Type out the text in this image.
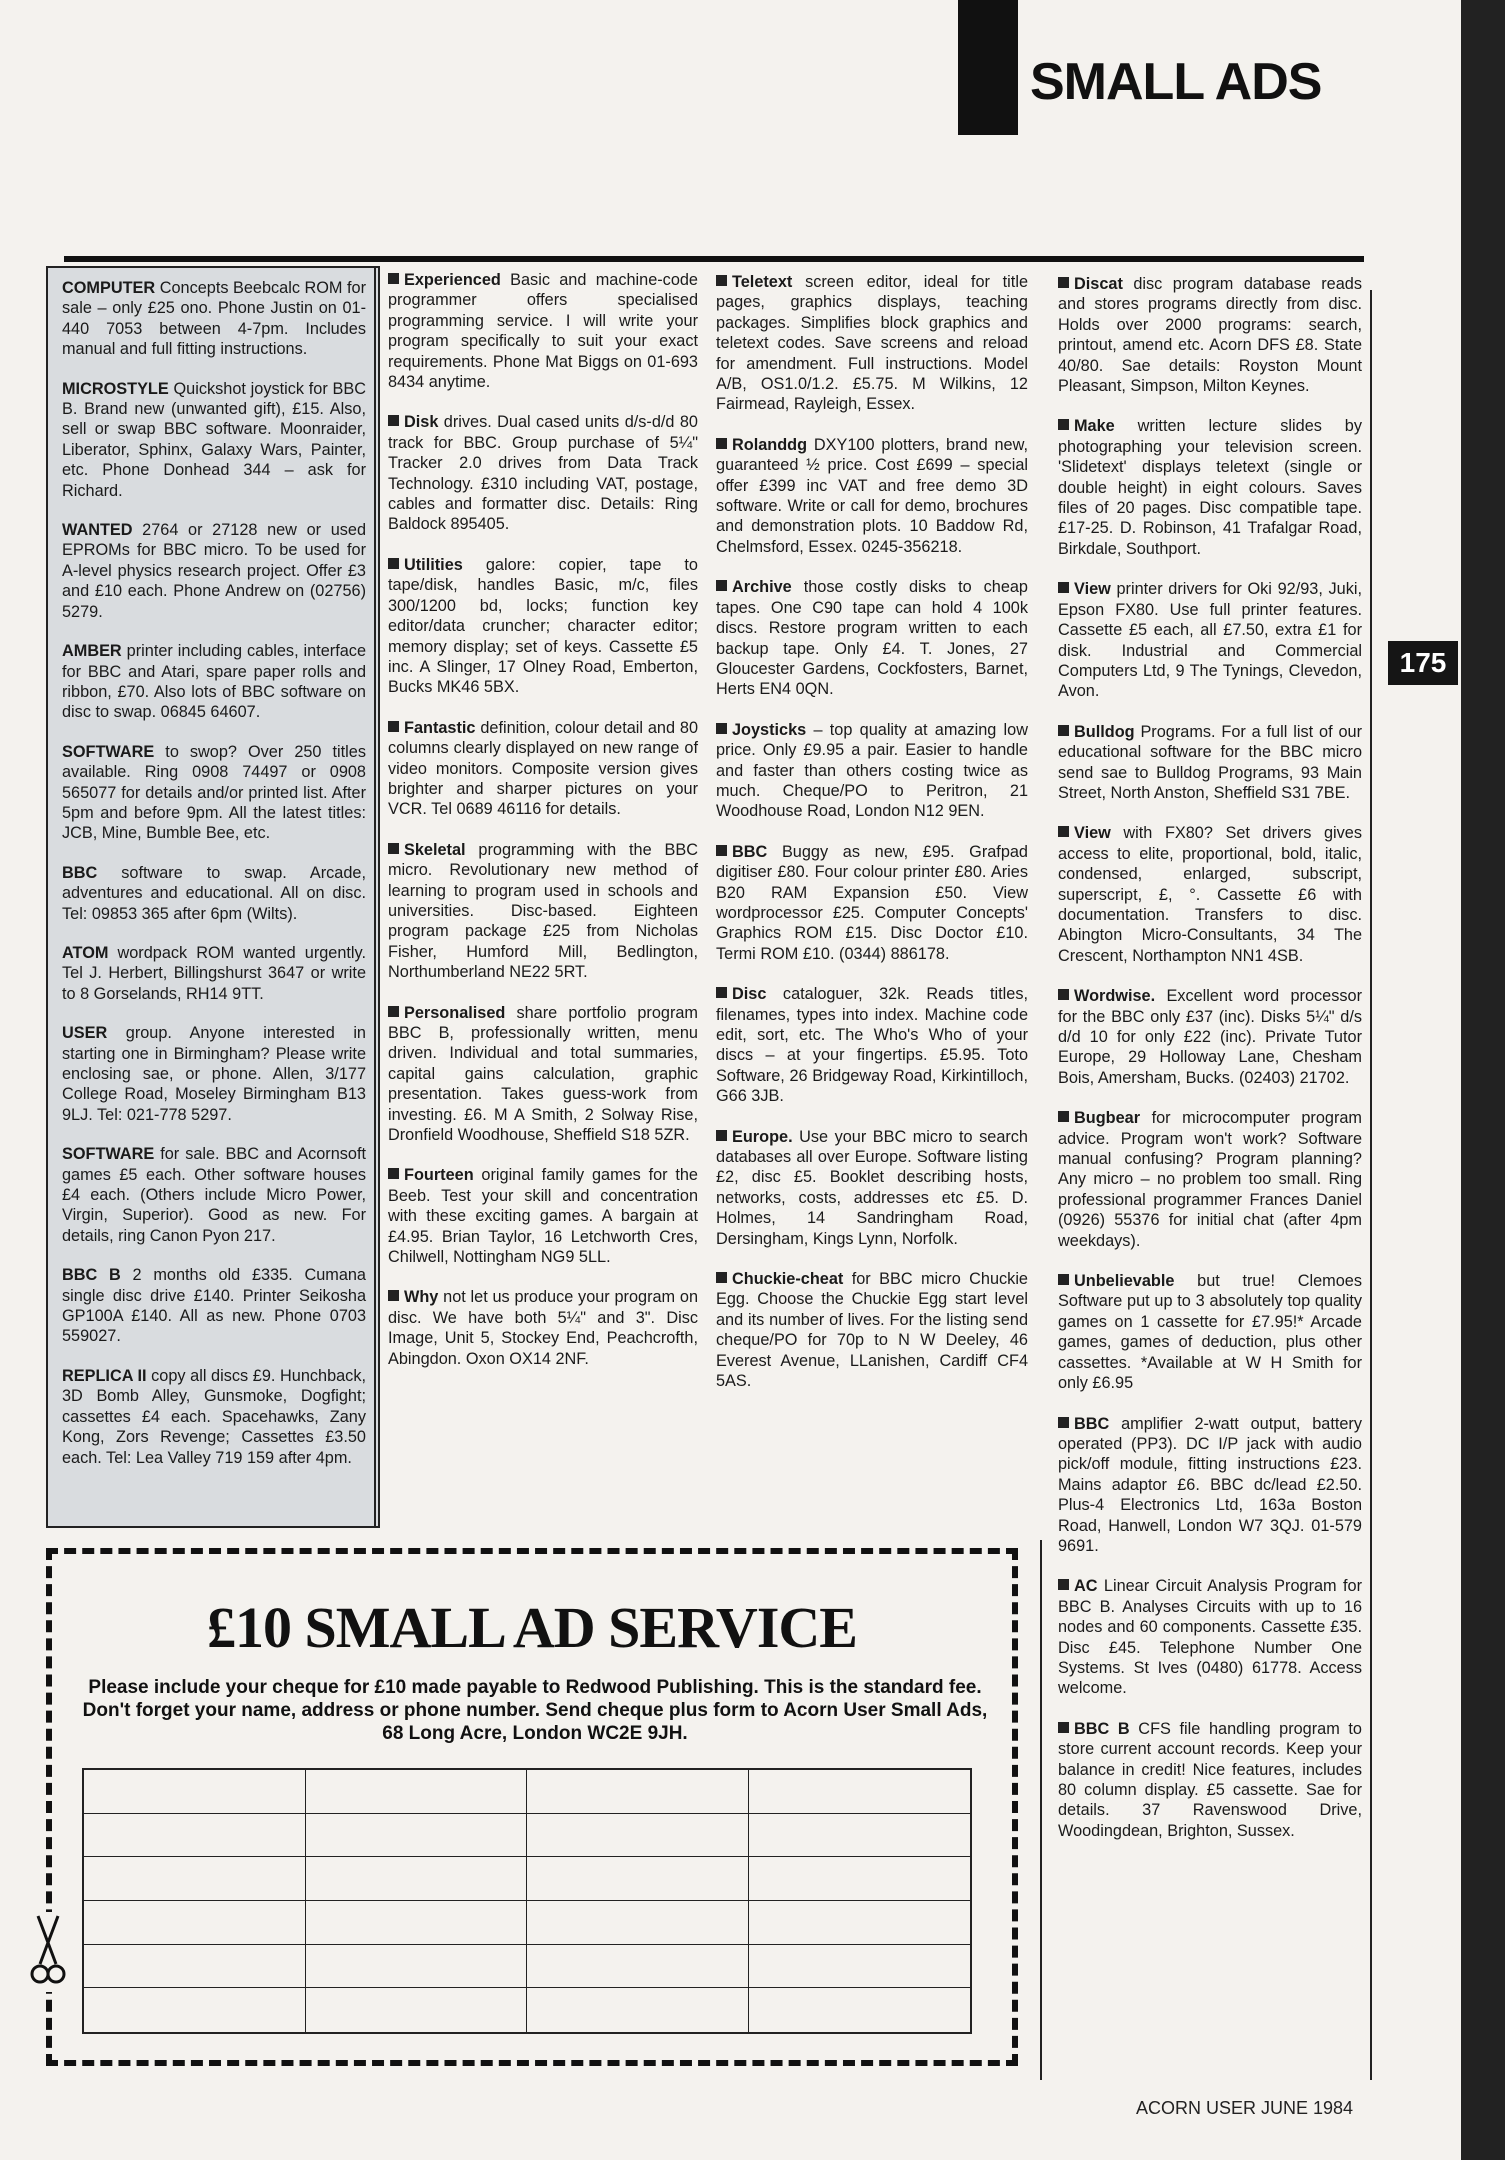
SMALL ADS
175
COMPUTER Concepts Beebcalc ROM for sale – only £25 ono. Phone Justin on 01-440 7053 between 4-7pm. Includes manual and full fitting instructions.
MICROSTYLE Quickshot joystick for BBC B. Brand new (unwanted gift), £15. Also, sell or swap BBC software. Moonraider, Liberator, Sphinx, Galaxy Wars, Painter, etc. Phone Donhead 344 – ask for Richard.
WANTED 2764 or 27128 new or used EPROMs for BBC micro. To be used for A-level physics research project. Offer £3 and £10 each. Phone Andrew on (02756) 5279.
AMBER printer including cables, interface for BBC and Atari, spare paper rolls and ribbon, £70. Also lots of BBC software on disc to swap. 06845 64607.
SOFTWARE to swop? Over 250 titles available. Ring 0908 74497 or 0908 565077 for details and/or printed list. After 5pm and before 9pm. All the latest titles: JCB, Mine, Bumble Bee, etc.
BBC software to swap. Arcade, adventures and educational. All on disc. Tel: 09853 365 after 6pm (Wilts).
ATOM wordpack ROM wanted urgently. Tel J. Herbert, Billingshurst 3647 or write to 8 Gorselands, RH14 9TT.
USER group. Anyone interested in starting one in Birmingham? Please write enclosing sae, or phone. Allen, 3/177 College Road, Moseley Birmingham B13 9LJ. Tel: 021-778 5297.
SOFTWARE for sale. BBC and Acornsoft games £5 each. Other software houses £4 each. (Others include Micro Power, Virgin, Superior). Good as new. For details, ring Canon Pyon 217.
BBC B 2 months old £335. Cumana single disc drive £140. Printer Seikosha GP100A £140. All as new. Phone 0703 559027.
REPLICA II copy all discs £9. Hunchback, 3D Bomb Alley, Gunsmoke, Dogfight; cassettes £4 each. Spacehawks, Zany Kong, Zors Revenge; Cassettes £3.50 each. Tel: Lea Valley 719 159 after 4pm.
Experienced Basic and machine-code programmer offers specialised programming service. I will write your program specifically to suit your exact requirements. Phone Mat Biggs on 01-693 8434 anytime.
Disk drives. Dual cased units d/s-d/d 80 track for BBC. Group purchase of 5¼" Tracker 2.0 drives from Data Track Technology. £310 including VAT, postage, cables and formatter disc. Details: Ring Baldock 895405.
Utilities galore: copier, tape to tape/disk, handles Basic, m/c, files 300/1200 bd, locks; function key editor/data cruncher; character editor; memory display; set of keys. Cassette £5 inc. A Slinger, 17 Olney Road, Emberton, Bucks MK46 5BX.
Fantastic definition, colour detail and 80 columns clearly displayed on new range of video monitors. Composite version gives brighter and sharper pictures on your VCR. Tel 0689 46116 for details.
Skeletal programming with the BBC micro. Revolutionary new method of learning to program used in schools and universities. Disc-based. Eighteen program package £25 from Nicholas Fisher, Humford Mill, Bedlington, Northumberland NE22 5RT.
Personalised share portfolio program BBC B, professionally written, menu driven. Individual and total summaries, capital gains calculation, graphic presentation. Takes guess-work from investing. £6. M A Smith, 2 Solway Rise, Dronfield Woodhouse, Sheffield S18 5ZR.
Fourteen original family games for the Beeb. Test your skill and concentration with these exciting games. A bargain at £4.95. Brian Taylor, 16 Letchworth Cres, Chilwell, Nottingham NG9 5LL.
Why not let us produce your program on disc. We have both 5¼" and 3". Disc Image, Unit 5, Stockey End, Peachcrofth, Abingdon. Oxon OX14 2NF.
Teletext screen editor, ideal for title pages, graphics displays, teaching packages. Simplifies block graphics and teletext codes. Save screens and reload for amendment. Full instructions. Model A/B, OS1.0/1.2. £5.75. M Wilkins, 12 Fairmead, Rayleigh, Essex.
Rolanddg DXY100 plotters, brand new, guaranteed ½ price. Cost £699 – special offer £399 inc VAT and free demo 3D software. Write or call for demo, brochures and demonstration plots. 10 Baddow Rd, Chelmsford, Essex. 0245-356218.
Archive those costly disks to cheap tapes. One C90 tape can hold 4 100k discs. Restore program written to each backup tape. Only £4. T. Jones, 27 Gloucester Gardens, Cockfosters, Barnet, Herts EN4 0QN.
Joysticks – top quality at amazing low price. Only £9.95 a pair. Easier to handle and faster than others costing twice as much. Cheque/PO to Peritron, 21 Woodhouse Road, London N12 9EN.
BBC Buggy as new, £95. Grafpad digitiser £80. Four colour printer £80. Aries B20 RAM Expansion £50. View wordprocessor £25. Computer Concepts' Graphics ROM £15. Disc Doctor £10. Termi ROM £10. (0344) 886178.
Disc cataloguer, 32k. Reads titles, filenames, types into index. Machine code edit, sort, etc. The Who's Who of your discs – at your fingertips. £5.95. Toto Software, 26 Bridgeway Road, Kirkintilloch, G66 3JB.
Europe. Use your BBC micro to search databases all over Europe. Software listing £2, disc £5. Booklet describing hosts, networks, costs, addresses etc £5. D. Holmes, 14 Sandringham Road, Dersingham, Kings Lynn, Norfolk.
Chuckie-cheat for BBC micro Chuckie Egg. Choose the Chuckie Egg start level and its number of lives. For the listing send cheque/PO for 70p to N W Deeley, 46 Everest Avenue, LLanishen, Cardiff CF4 5AS.
Discat disc program database reads and stores programs directly from disc. Holds over 2000 programs: search, printout, amend etc. Acorn DFS £8. State 40/80. Sae details: Royston Mount Pleasant, Simpson, Milton Keynes.
Make written lecture slides by photographing your television screen. 'Slidetext' displays teletext (single or double height) in eight colours. Saves files of 20 pages. Disc compatible tape. £17-25. D. Robinson, 41 Trafalgar Road, Birkdale, Southport.
View printer drivers for Oki 92/93, Juki, Epson FX80. Use full printer features. Cassette £5 each, all £7.50, extra £1 for disk. Industrial and Commercial Computers Ltd, 9 The Tynings, Clevedon, Avon.
Bulldog Programs. For a full list of our educational software for the BBC micro send sae to Bulldog Programs, 93 Main Street, North Anston, Sheffield S31 7BE.
View with FX80? Set drivers gives access to elite, proportional, bold, italic, condensed, enlarged, subscript, superscript, £, °. Cassette £6 with documentation. Transfers to disc. Abington Micro-Consultants, 34 The Crescent, Northampton NN1 4SB.
Wordwise. Excellent word processor for the BBC only £37 (inc). Disks 5¼" d/s d/d 10 for only £22 (inc). Private Tutor Europe, 29 Holloway Lane, Chesham Bois, Amersham, Bucks. (02403) 21702.
Bugbear for microcomputer program advice. Program won't work? Software manual confusing? Program planning? Any micro – no problem too small. Ring professional programmer Frances Daniel (0926) 55376 for initial chat (after 4pm weekdays).
Unbelievable but true! Clemoes Software put up to 3 absolutely top quality games on 1 cassette for £7.95!* Arcade games, games of deduction, plus other cassettes. *Available at W H Smith for only £6.95
BBC amplifier 2-watt output, battery operated (PP3). DC I/P jack with audio pick/off module, fitting instructions £23. Mains adaptor £6. BBC dc/lead £2.50. Plus-4 Electronics Ltd, 163a Boston Road, Hanwell, London W7 3QJ. 01-579 9691.
AC Linear Circuit Analysis Program for BBC B. Analyses Circuits with up to 16 nodes and 60 components. Cassette £35. Disc £45. Telephone Number One Systems. St Ives (0480) 61778. Access welcome.
BBC B CFS file handling program to store current account records. Keep your balance in credit! Nice features, includes 80 column display. £5 cassette. Sae for details. 37 Ravenswood Drive, Woodingdean, Brighton, Sussex.
£10 SMALL AD SERVICE
Please include your cheque for £10 made payable to Redwood Publishing. This is the standard fee. Don't forget your name, address or phone number. Send cheque plus form to Acorn User Small Ads, 68 Long Acre, London WC2E 9JH.
ACORN USER JUNE 1984
